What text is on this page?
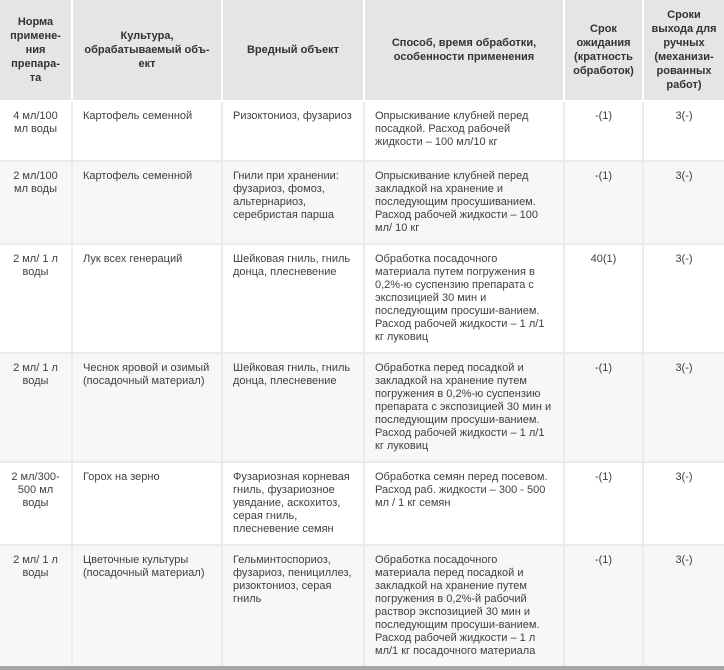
Норма примене-ния препара-та	Культура, обрабатываемый объ-ект	Вредный объект	Способ, время обработки, особенности применения	Срок ожидания (кратность обработок)	Сроки выхода для ручных (механизи-рованных работ)
4 мл/100 мл воды	Картофель семенной	Ризоктониоз, фузариоз	Опрыскивание клубней перед посадкой. Расход рабочей жидкости – 100 мл/10 кг	-(1)	3(-)
2 мл/100 мл воды	Картофель семенной	Гнили при хранении: фузариоз, фомоз, альтернариоз, серебристая парша	Опрыскивание клубней перед закладкой на хранение и последующим просушиванием. Расход рабочей жидкости – 100 мл/ 10 кг	-(1)	3(-)
2 мл/ 1 л воды	Лук всех генераций	Шейковая гниль, гниль донца, плесневение	Обработка посадочного материала путем погружения в 0,2%-ю суспензию препарата с экспозицией 30 мин и последующим просуши-ванием. Расход рабочей жидкости – 1 л/1 кг луковиц	40(1)	3(-)
2 мл/ 1 л воды	Чеснок яровой и озимый (посадочный материал)	Шейковая гниль, гниль донца, плесневение	Обработка перед посадкой и закладкой на хранение путем погружения в 0,2%-ю суспензию препарата с экспозицией 30 мин и последующим просуши-ванием. Расход рабочей жидкости – 1 л/1 кг луковиц	-(1)	3(-)
2 мл/300-500 мл воды	Горох на зерно	Фузариозная корневая гниль, фузариозное увядание, аскохитоз, серая гниль, плесневение семян	Обработка семян перед посевом. Расход раб. жидкости – 300 - 500 мл / 1 кг семян	-(1)	3(-)
2 мл/ 1 л воды	Цветочные культуры (посадочный материал)	Гельминтоспориоз, фузариоз, пенициллез, ризоктониоз, серая гниль	Обработка посадочного материала перед посадкой и закладкой на хранение путем погружения в 0,2%-й рабочий раствор экспозицией 30 мин и последующим просуши-ванием. Расход рабочей жидкости – 1 л мл/1 кг посадочного материала	-(1)	3(-)
